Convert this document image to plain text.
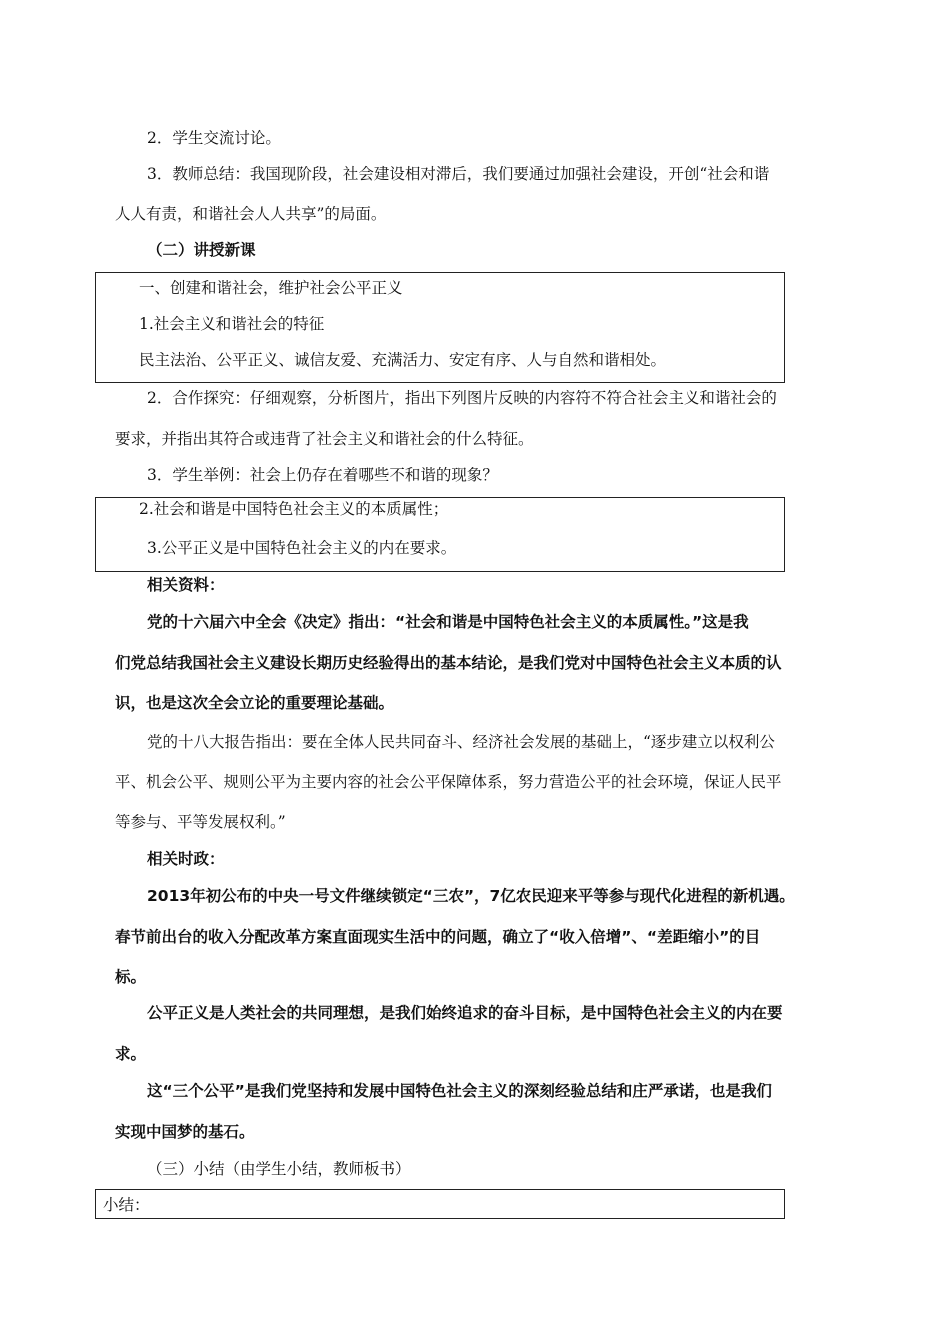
2．学生交流讨论。
3．教师总结：我国现阶段，社会建设相对滞后，我们要通过加强社会建设，开创“社会和谐
人人有责，和谐社会人人共享”的局面。
（二）讲授新课
一、创建和谐社会，维护社会公平正义
1.社会主义和谐社会的特征
民主法治、公平正义、诚信友爱、充满活力、安定有序、人与自然和谐相处。
2．合作探究：仔细观察，分析图片，指出下列图片反映的内容符不符合社会主义和谐社会的
要求，并指出其符合或违背了社会主义和谐社会的什么特征。
3．学生举例：社会上仍存在着哪些不和谐的现象？
2.社会和谐是中国特色社会主义的本质属性；
3.公平正义是中国特色社会主义的内在要求。
相关资料：
党的十六届六中全会《决定》指出：“社会和谐是中国特色社会主义的本质属性。”这是我
们党总结我国社会主义建设长期历史经验得出的基本结论，是我们党对中国特色社会主义本质的认
识，也是这次全会立论的重要理论基础。
党的十八大报告指出：要在全体人民共同奋斗、经济社会发展的基础上，“逐步建立以权利公
平、机会公平、规则公平为主要内容的社会公平保障体系，努力营造公平的社会环境，保证人民平
等参与、平等发展权利。”
相关时政：
2013年初公布的中央一号文件继续锁定“三农”，7亿农民迎来平等参与现代化进程的新机遇。
春节前出台的收入分配改革方案直面现实生活中的问题，确立了“收入倍增”、“差距缩小”的目
标。
公平正义是人类社会的共同理想，是我们始终追求的奋斗目标，是中国特色社会主义的内在要
求。
这“三个公平”是我们党坚持和发展中国特色社会主义的深刻经验总结和庄严承诺，也是我们
实现中国梦的基石。
（三）小结（由学生小结，教师板书）
小结：
